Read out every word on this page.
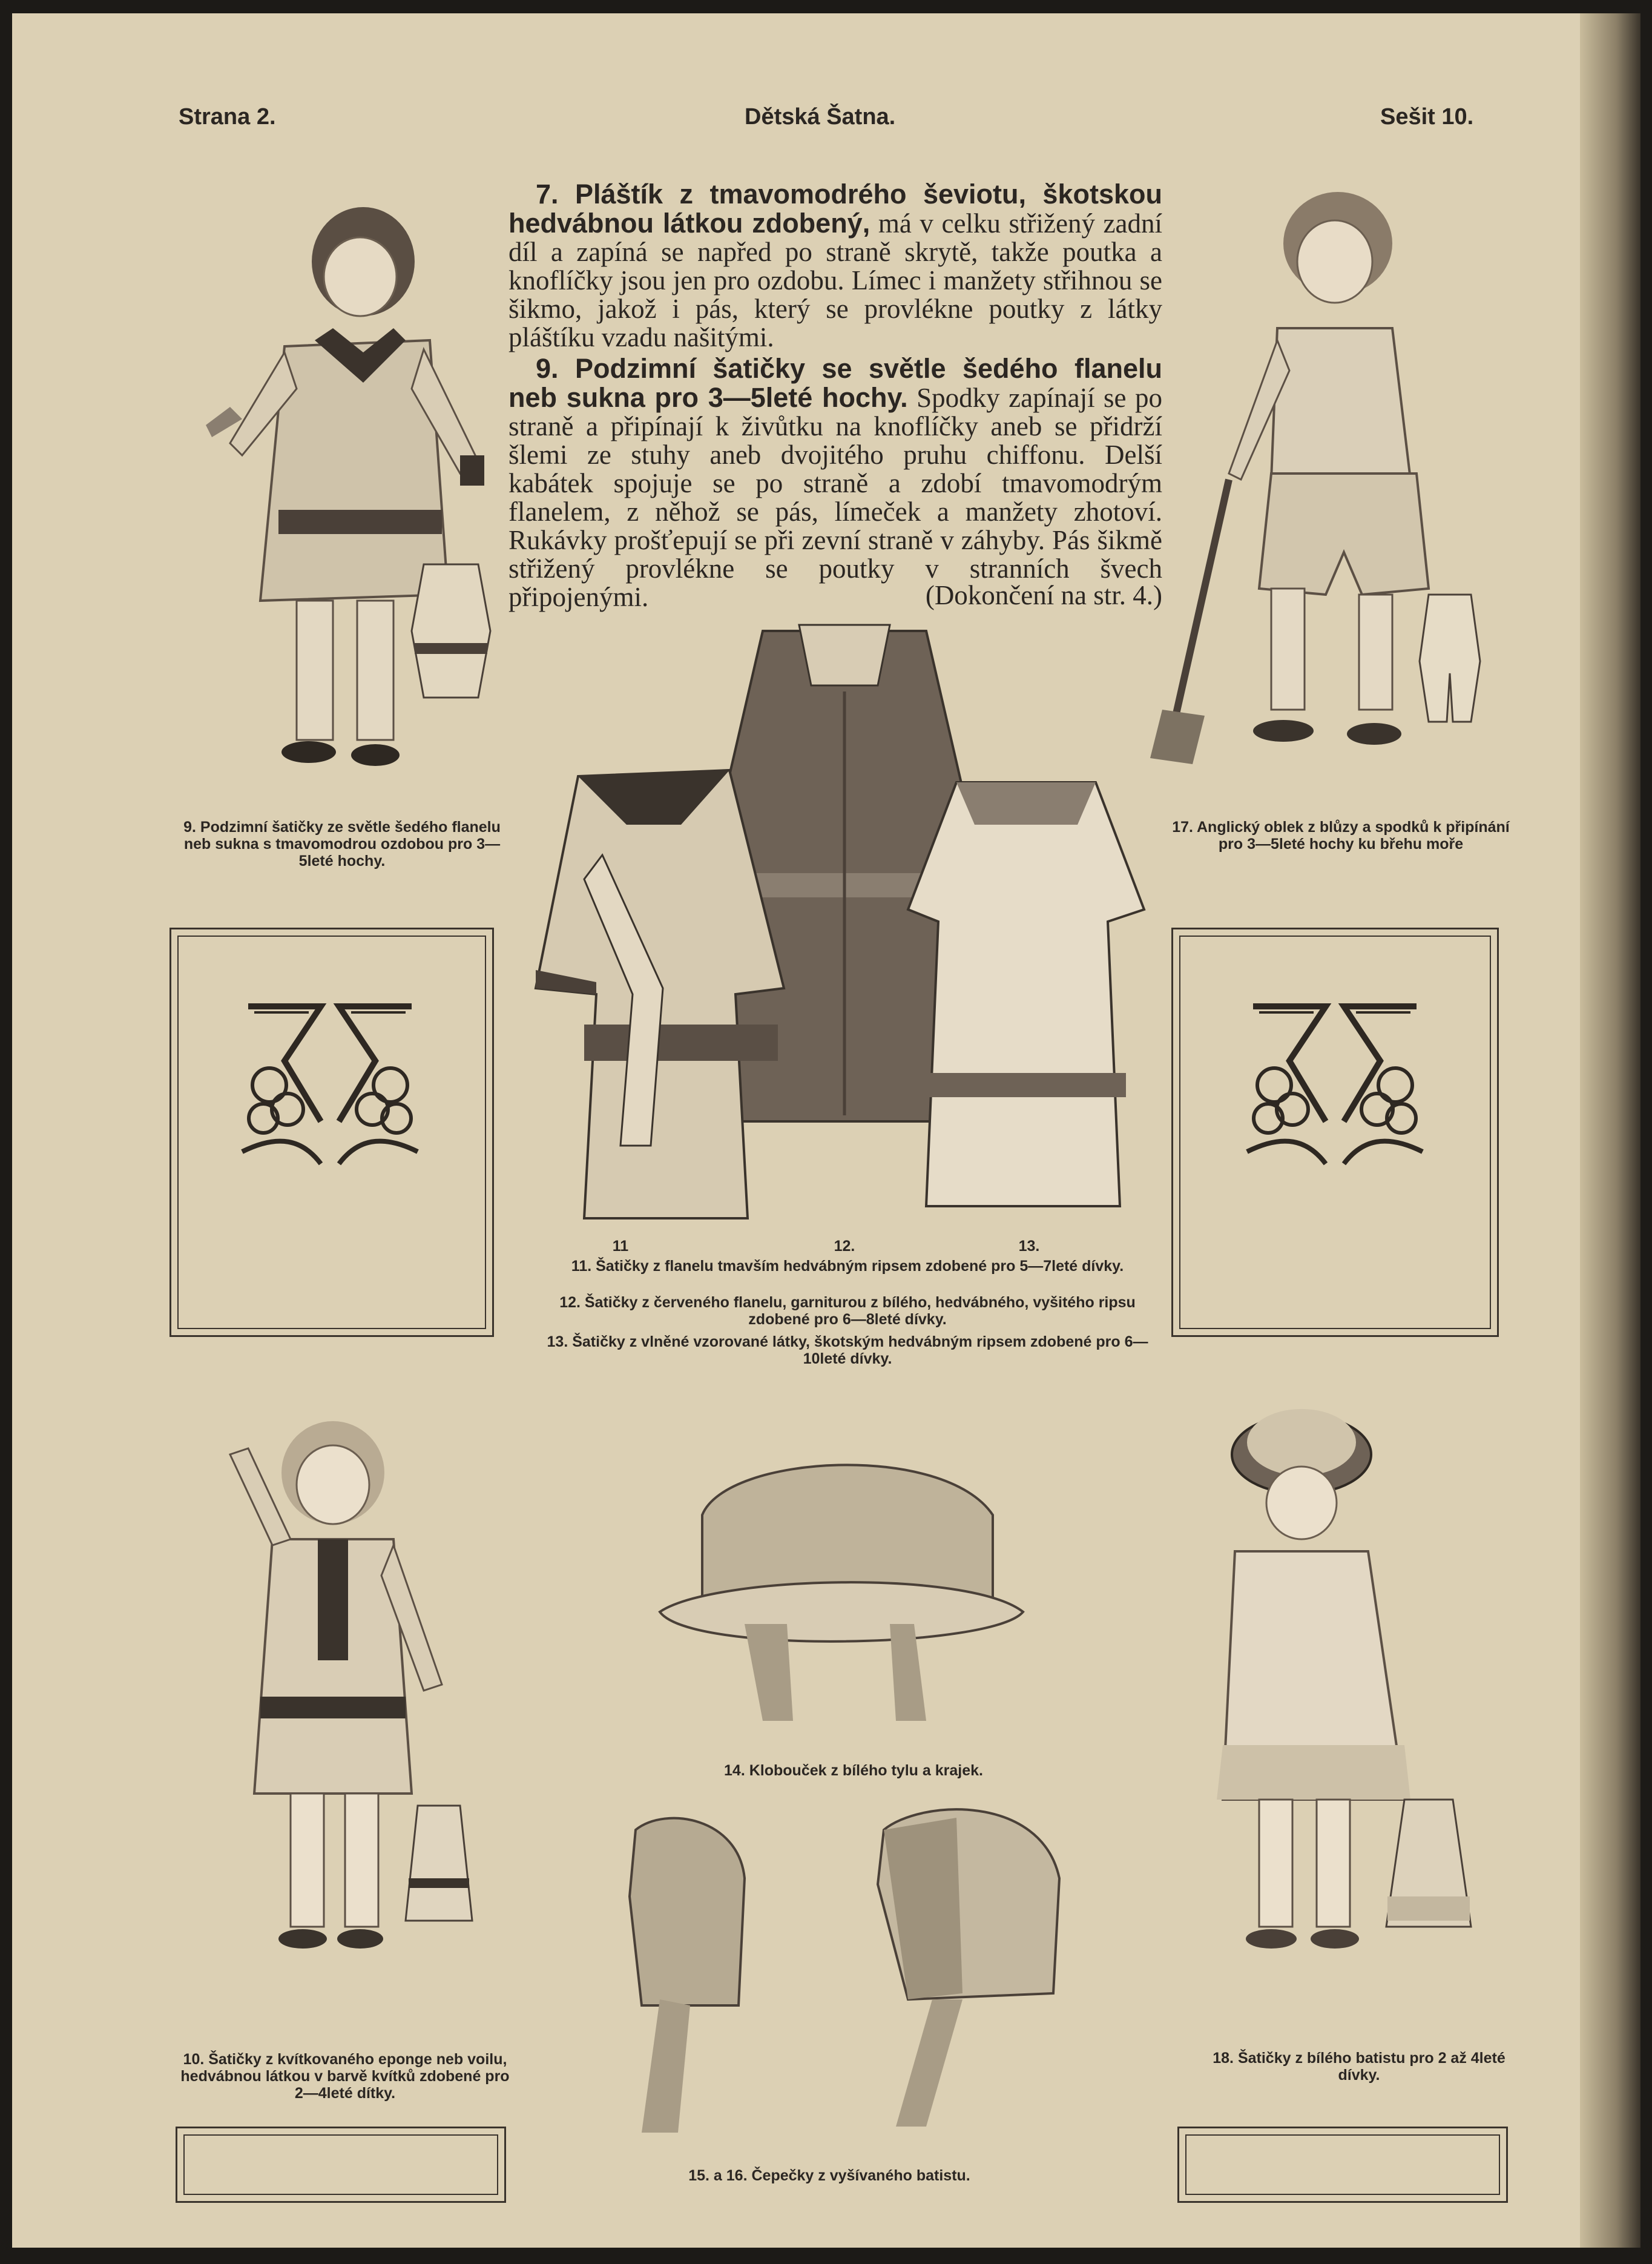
Strana 2.	Dětská Šatna.	Sešit 10.
7. Pláštík z tmavomodrého ševiotu, škotskou hedvábnou látkou zdobený, má v celku střižený zadní díl a zapíná se napřed po straně skrytě, takže poutka a knoflíčky jsou jen pro ozdobu. Límec i manžety střihnou se šikmo, jakož i pás, který se provlékne poutky z látky pláštíku vzadu našitými.
9. Podzimní šatičky se světle šedého flanelu neb sukna pro 3—5leté hochy. Spodky zapínají se po straně a připínají k živůtku na knoflíčky aneb se přidrží šlemi ze stuhy aneb dvojitého pruhu chiffonu. Delší kabátek spojuje se po straně a zdobí tmavomodrým flanelem, z něhož se pás, límeček a manžety zhotoví. Rukávky prošťepují se při zevní straně v záhyby. Pás šikmě střižený provlékne se poutky v stranních švech připojenými.	(Dokončení na str. 4.)
9. Podzimní šatičky ze světle šedého flanelu neb sukna s tmavomodrou ozdobou pro 3—5leté hochy.
17. Anglický oblek z blůzy a spodků k připínání pro 3—5leté hochy ku břehu moře
11	12.	13.
11. Šatičky z flanelu tmavším hedvábným ripsem zdobené pro 5—7leté dívky.
12. Šatičky z červeného flanelu, garniturou z bílého, hedvábného, vyšitého ripsu zdobené pro 6—8leté dívky.
13. Šatičky z vlněné vzorované látky, škotským hedvábným ripsem zdobené pro 6—10leté dívky.
14. Klobouček z bílého tylu a krajek.
10. Šatičky z kvítkovaného eponge neb voilu, hedvábnou látkou v barvě kvítků zdobené pro 2—4leté dítky.
18. Šatičky z bílého batistu pro 2 až 4leté dívky.
15. a 16. Čepečky z vyšívaného batistu.
